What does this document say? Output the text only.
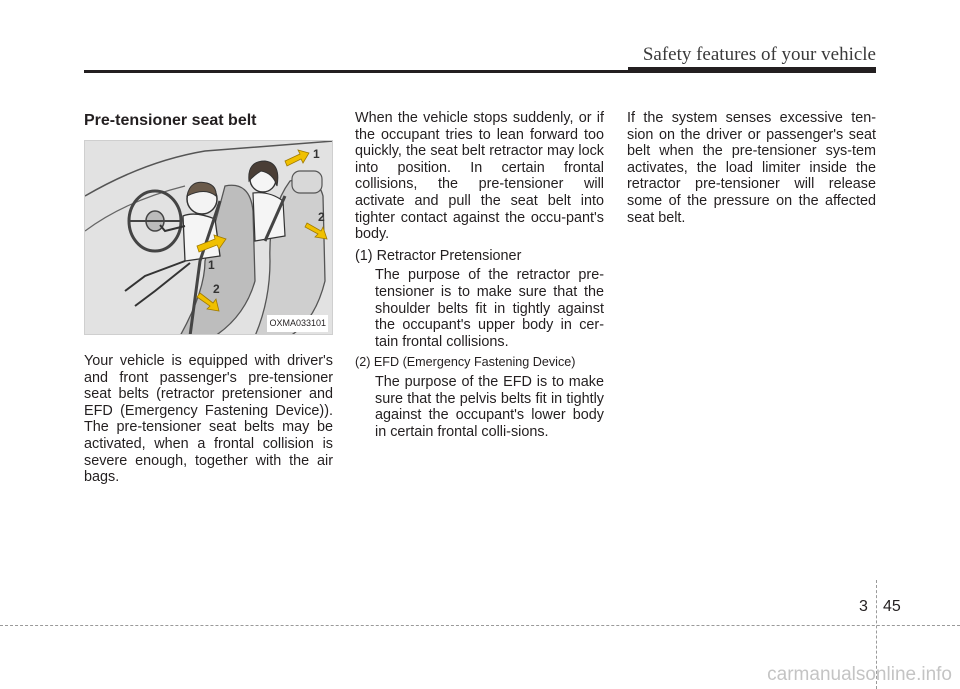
Safety features of your vehicle
Pre-tensioner seat belt
1
2
1
2
OXMA033101

Your vehicle is equipped with driver's and front passenger's pre-tensioner seat belts (retractor pretensioner and EFD (Emergency Fastening Device)). The pre-tensioner seat belts may be activated, when a frontal collision is severe enough, together with the air bags.

When the vehicle stops suddenly, or if the occupant tries to lean forward too quickly, the seat belt retractor may lock into position. In certain frontal collisions, the pre-tensioner will activate and pull the seat belt into tighter contact against the occu-pant's body.

(1) Retractor Pretensioner

The purpose of the retractor pre-tensioner is to make sure that the shoulder belts fit in tightly against the occupant's upper body in cer-tain frontal collisions.

(2) EFD (Emergency Fastening Device)

The purpose of the EFD is to make sure that the pelvis belts fit in tightly against the occupant's lower body in certain frontal colli-sions.

If the system senses excessive ten-sion on the driver or passenger's seat belt when the pre-tensioner sys-tem activates, the load limiter inside the retractor pre-tensioner will release some of the pressure on the affected seat belt.

3 45
carmanualsonline.info
